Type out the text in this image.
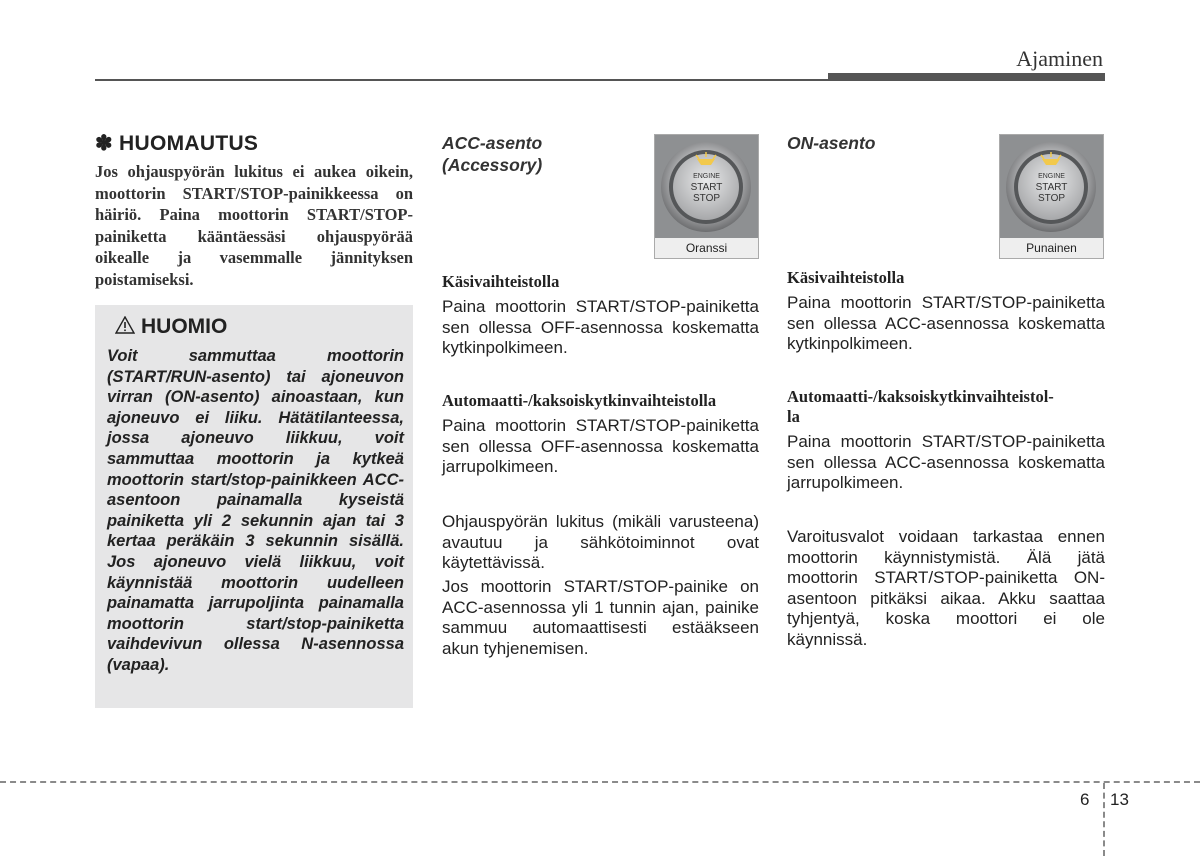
Ajaminen
✽ HUOMAUTUS
Jos ohjauspyörän lukitus ei aukea oikein, moottorin START/STOP-painikkeessa on häiriö. Paina moottorin START/STOP-painiketta kääntäessäsi ohjauspyörää oikealle ja vasemmalle jännityksen poistamiseksi.
HUOMIO
Voit sammuttaa moottorin (START/RUN-asento) tai ajoneuvon virran (ON-asento) ainoastaan, kun ajoneuvo ei liiku. Hätätilanteessa, jossa ajoneuvo liikkuu, voit sammuttaa moottorin ja kytkeä moottorin start/stop-painikkeen ACC-asentoon painamalla kyseistä painiketta yli 2 sekunnin ajan tai 3 kertaa peräkäin 3 sekunnin sisällä. Jos ajoneuvo vielä liikkuu, voit käynnistää moottorin uudelleen painamatta jarrupoljinta painamalla moottorin start/stop-painiketta vaihdevivun ollessa N-asennossa (vapaa).
ACC-asento
(Accessory)
ENGINE
START
STOP
Oranssi
Käsivaihteistolla
Paina moottorin START/STOP-painiketta sen ollessa OFF-asennossa koskematta kytkinpolkimeen.
Automaatti-/kaksoiskytkinvaihteistolla
Paina moottorin START/STOP-painiketta sen ollessa OFF-asennossa koskematta jarrupolkimeen.
Ohjauspyörän lukitus (mikäli varusteena) avautuu ja sähkötoiminnot ovat käytettävissä.
Jos moottorin START/STOP-painike on ACC-asennossa yli 1 tunnin ajan, painike sammuu automaattisesti estääkseen akun tyhjenemisen.
ON-asento
ENGINE
START
STOP
Punainen
Käsivaihteistolla
Paina moottorin START/STOP-painiketta sen ollessa ACC-asennossa koskematta kytkinpolkimeen.
Automaatti-/kaksoiskytkinvaihteistol-
la
Paina moottorin START/STOP-painiketta sen ollessa ACC-asennossa koskematta jarrupolkimeen.
Varoitusvalot voidaan tarkastaa ennen moottorin käynnistymistä. Älä jätä moottorin START/STOP-painiketta ON-asentoon pitkäksi aikaa. Akku saattaa tyhjentyä, koska moottori ei ole käynnissä.
6 13
